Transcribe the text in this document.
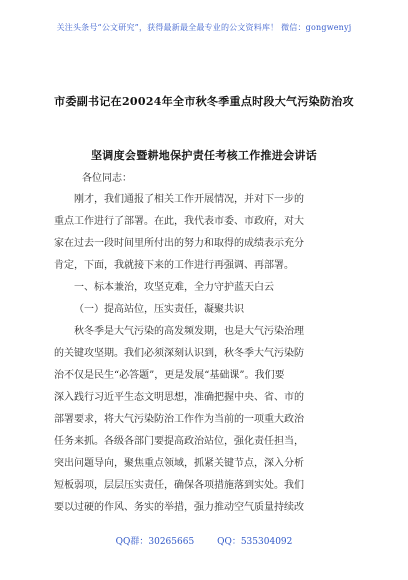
关注头条号“公文研究”，获得最新最全最专业的公文资料库！ 微信：gongwenyj
市委副书记在20024年全市秋冬季重点时段大气污染防治攻
坚调度会暨耕地保护责任考核工作推进会讲话
各位同志：
刚才，我们通报了相关工作开展情况，并对下一步的
重点工作进行了部署。在此，我代表市委、市政府，对大
家在过去一段时间里所付出的努力和取得的成绩表示充分
肯定，下面，我就接下来的工作进行再强调、再部署。
一、标本兼治，攻坚克难，全力守护蓝天白云
（一）提高站位，压实责任，凝聚共识
秋冬季是大气污染的高发频发期，也是大气污染治理
的关键攻坚期。我们必须深刻认识到，秋冬季大气污染防
治不仅是民生“必答题”，更是发展“基础课”。我们要
深入践行习近平生态文明思想，准确把握中央、省、市的
部署要求，将大气污染防治工作作为当前的一项重大政治
任务来抓。各级各部门要提高政治站位，强化责任担当，
突出问题导向，聚焦重点领域，抓紧关键节点，深入分析
短板弱项，层层压实责任，确保各项措施落到实处。我们
要以过硬的作风、务实的举措，强力推动空气质量持续改
QQ群：30265665	QQ：535304092
